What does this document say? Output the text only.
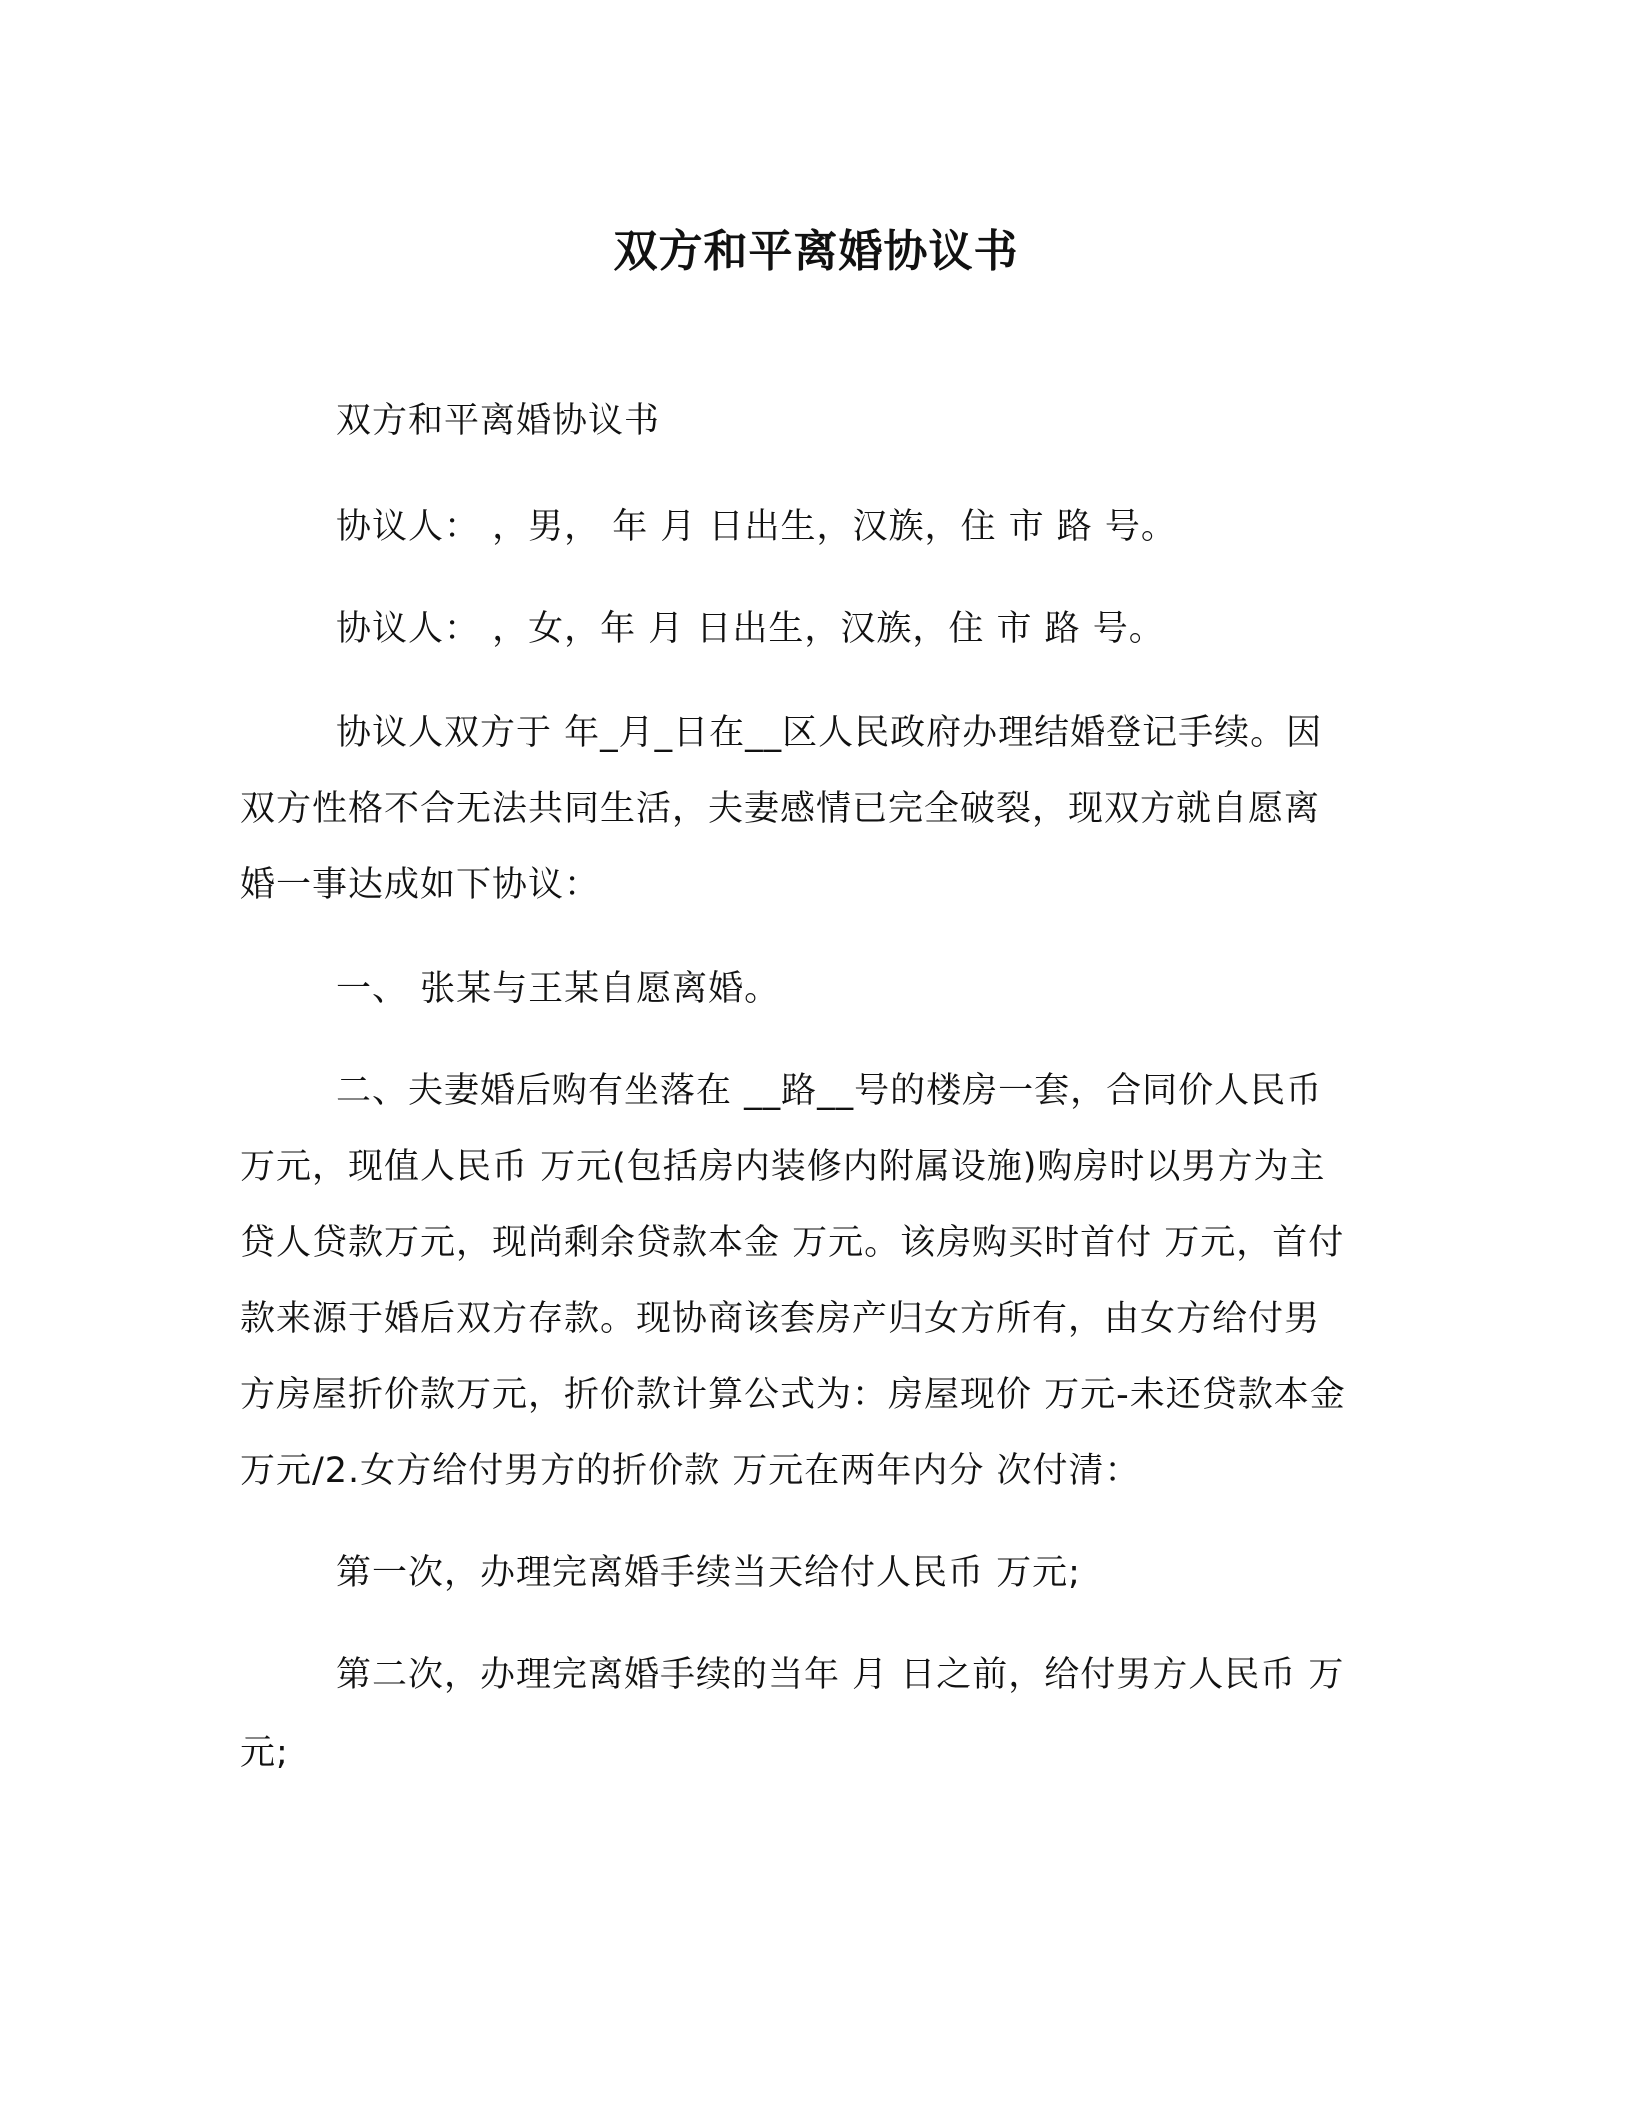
双方和平离婚协议书
双方和平离婚协议书
协议人： ，男， 年 月 日出生，汉族，住 市 路 号。
协议人： ，女，年 月 日出生，汉族，住 市 路 号。
协议人双方于 年_月_日在__区人民政府办理结婚登记手续。因
双方性格不合无法共同生活，夫妻感情已完全破裂，现双方就自愿离
婚一事达成如下协议：
一、 张某与王某自愿离婚。
二、夫妻婚后购有坐落在 __路__号的楼房一套，合同价人民币
万元，现值人民币 万元(包括房内装修内附属设施)购房时以男方为主
贷人贷款万元，现尚剩余贷款本金 万元。该房购买时首付 万元，首付
款来源于婚后双方存款。现协商该套房产归女方所有，由女方给付男
方房屋折价款万元，折价款计算公式为：房屋现价 万元-未还贷款本金
万元/2.女方给付男方的折价款 万元在两年内分 次付清：
第一次，办理完离婚手续当天给付人民币 万元;
第二次，办理完离婚手续的当年 月 日之前，给付男方人民币 万
元;
